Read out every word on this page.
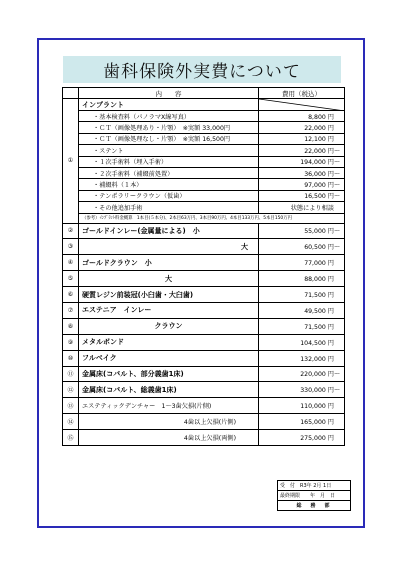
歯科保険外実費について
	内　　容	費用（税込）
①	インプラント	

	・基本検査料（パノラマX線写真）	8,800 円
	・ＣＴ（画像処理あり・片顎）　※実額 33,000円	22,000 円
	・ＣＴ（画像処理なし・片顎）　※実額 16,500円	12,100 円
	・ステント	22,000 円～
	・１次手術料（埋入手術）	194,000 円～
	・２次手術料（補綴前処置）	36,000 円～
	・補綴料（１本）	97,000 円～
	・テンポラリークラウン（仮歯）	16,500 円～
	・その他追加手術	状態により相談
	（参考）ｲﾝﾌﾟﾗﾝﾄ料金概算　1本目(５本分)、2本目63万円、3本目90万円、4本目133万円、5本目150万円	
②	ゴールドインレー(金属量による)　小	55,000 円～
③	大	60,500 円～
④	ゴールドクラウン　小	77,000 円
⑤	大	88,000 円
⑥	硬質レジン前装冠(小臼歯・大臼歯)	71,500 円
⑦	エステニア　インレー	49,500 円
⑧	クラウン	71,500 円
⑨	メタルボンド	104,500 円
⑩	フルベイク	132,000 円
⑪	金属床(コバルト、部分義歯1床)	220,000 円～
⑫	金属床(コバルト、総義歯1床)	330,000 円～
⑬	エステティックデンチャー　1～3歯欠損(片側)	110,000 円
⑭	4歯以上欠損(片側)	165,000 円
⑮	4歯以上欠損(両側)	275,000 円
受　付　R3年 2月 1日
最終期限　　年　月　日
総　務　部
